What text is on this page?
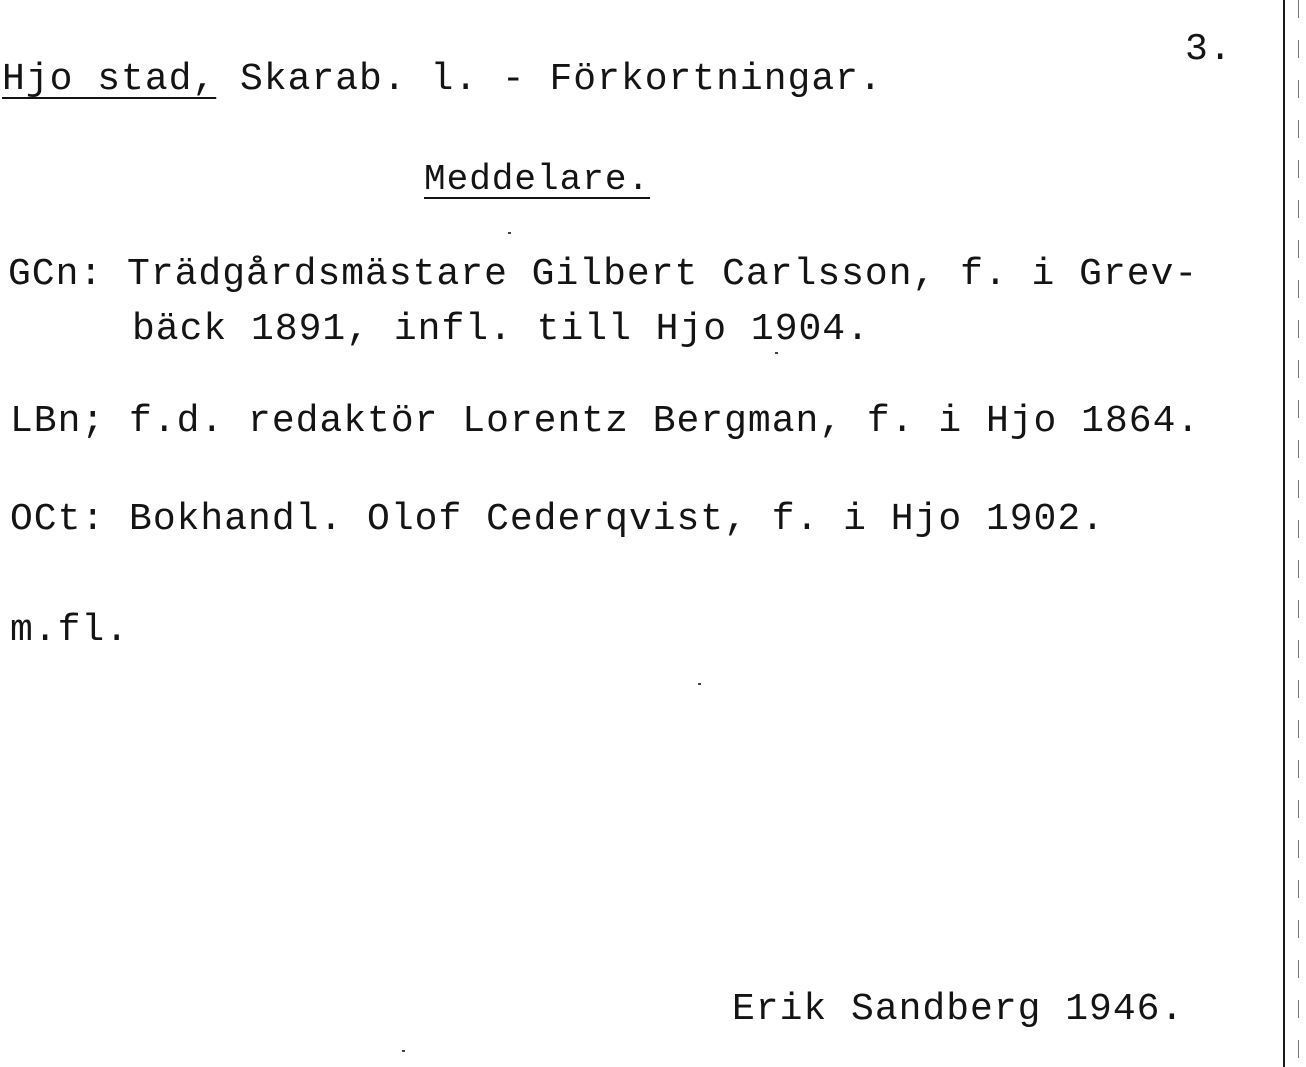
3.
Hjo stad, Skarab. l. - Förkortningar.
Meddelare.
GCn: Trädgårdsmästare Gilbert Carlsson, f. i Grev-
bäck 1891, infl. till Hjo 1904.
LBn; f.d. redaktör Lorentz Bergman, f. i Hjo 1864.
OCt: Bokhandl. Olof Cederqvist, f. i Hjo 1902.
m.fl.
Erik Sandberg 1946.
